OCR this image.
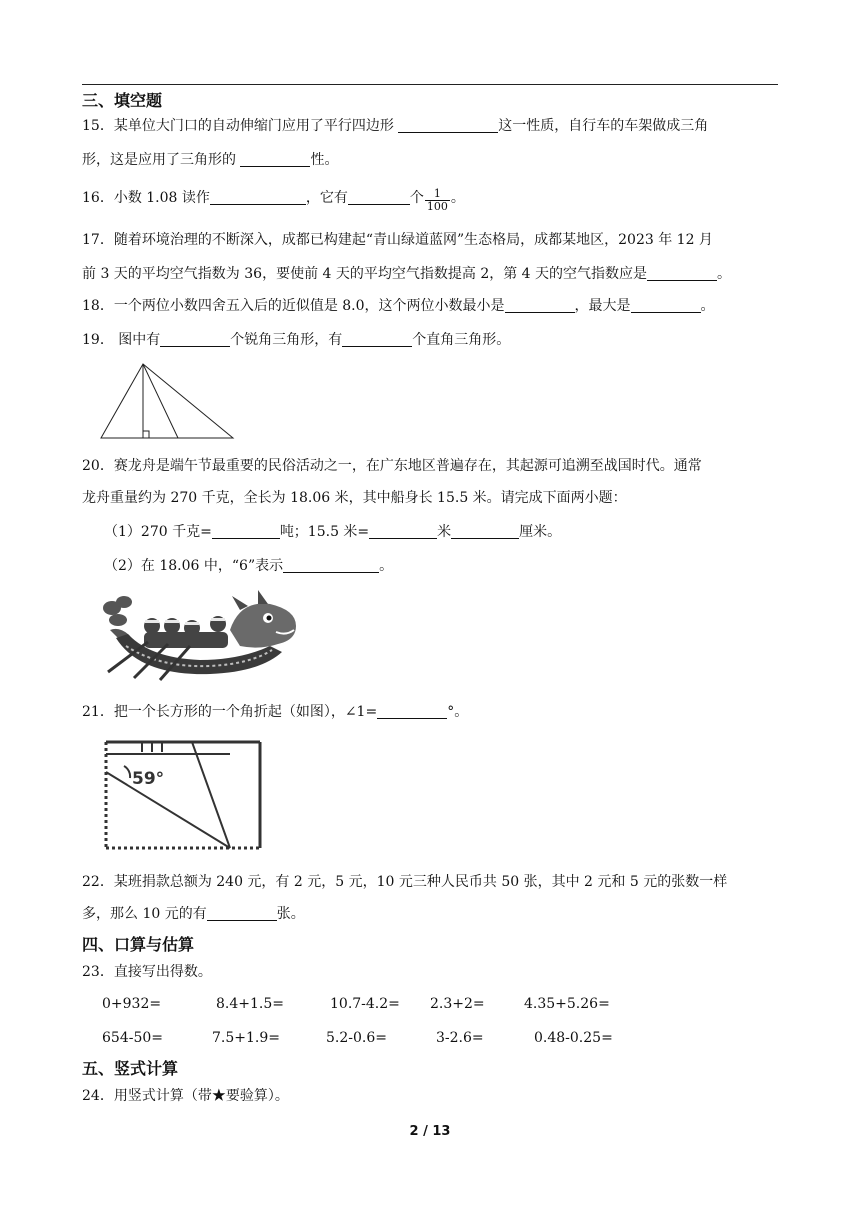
三、填空题
15．某单位大门口的自动伸缩门应用了平行四边形	这一性质，自行车的车架做成三角
形，这是应用了三角形的	性。
16．小数 1.08 读作	，它有	个 $\frac{1}{100}$ 。
17．随着环境治理的不断深入，成都已构建起“青山绿道蓝网”生态格局，成都某地区，2023 年 12 月
前 3 天的平均空气指数为 36，要使前 4 天的平均空气指数提高 2，第 4 天的空气指数应是	。
18．一个两位小数四舍五入后的近似值是 8.0，这个两位小数最小是	，最大是	。
19． 图中有	个锐角三角形，有	个直角三角形。
20．赛龙舟是端午节最重要的民俗活动之一，在广东地区普遍存在，其起源可追溯至战国时代。通常
龙舟重量约为 270 千克，全长为 18.06 米，其中船身长 15.5 米。请完成下面两小题：
（1）270 千克=	吨；15.5 米=	米	厘米。
（2）在 18.06 中，“6”表示	。
21．把一个长方形的一个角折起（如图），∠1=	°。
59°
22．某班捐款总额为 240 元，有 2 元，5 元，10 元三种人民币共 50 张，其中 2 元和 5 元的张数一样
多，那么 10 元的有	张。
四、口算与估算
23．直接写出得数。
0+932=	8.4+1.5=	10.7-4.2= 2.3+2=	4.35+5.26=
654-50=	7.5+1.9=	5.2-0.6=	3-2.6=	0.48-0.25=
五、竖式计算
24．用竖式计算（带★要验算）。
2 / 13
